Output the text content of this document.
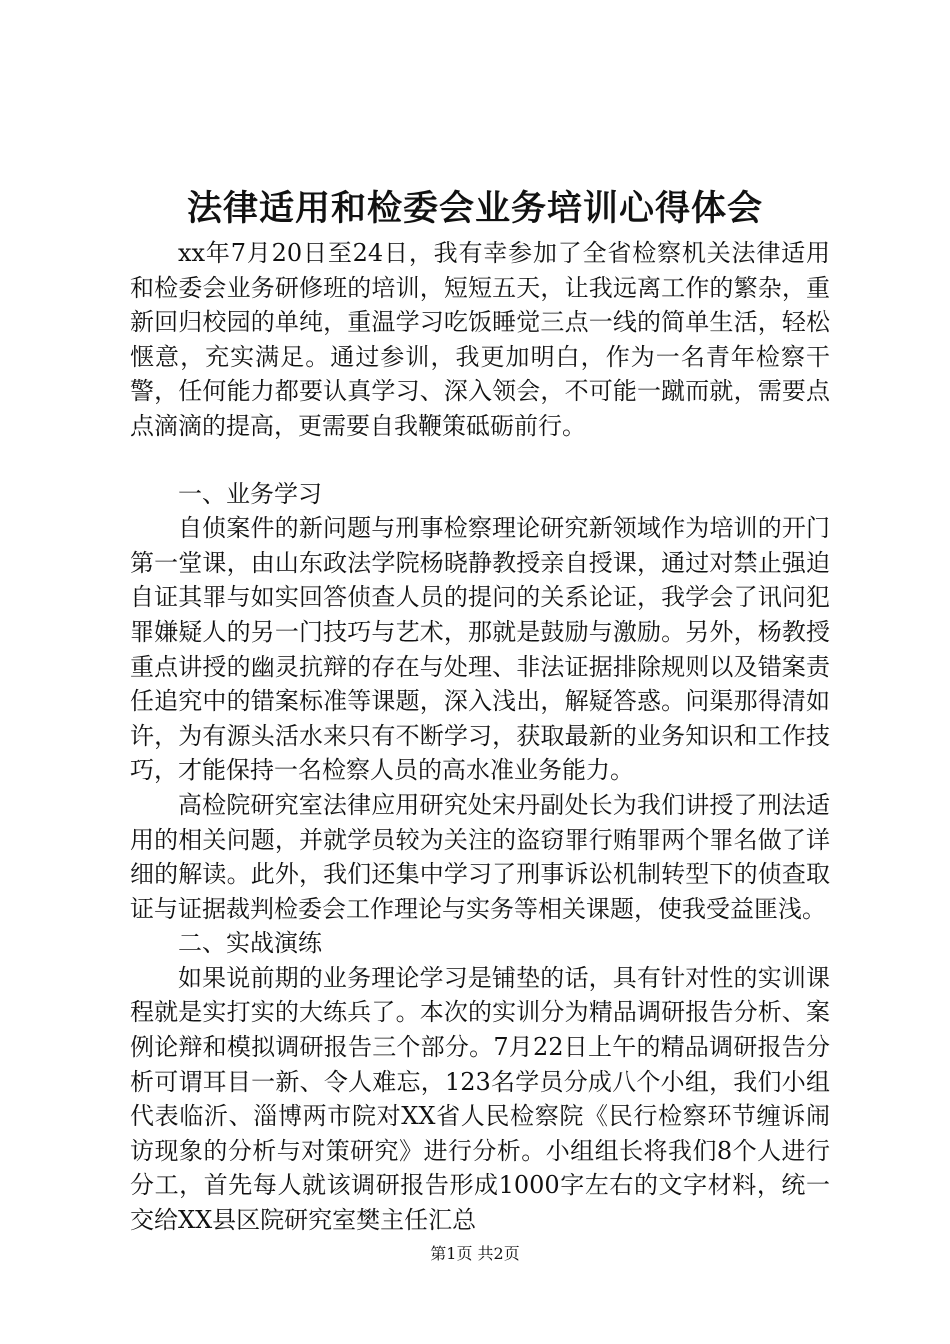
法律适用和检委会业务培训心得体会

xx年7月20日至24日，我有幸参加了全省检察机关法律适用和检委会业务研修班的培训，短短五天，让我远离工作的繁杂，重新回归校园的单纯，重温学习吃饭睡觉三点一线的简单生活，轻松惬意，充实满足。通过参训，我更加明白，作为一名青年检察干警，任何能力都要认真学习、深入领会，不可能一蹴而就，需要点点滴滴的提高，更需要自我鞭策砥砺前行。

一、业务学习

自侦案件的新问题与刑事检察理论研究新领域作为培训的开门第一堂课，由山东政法学院杨晓静教授亲自授课，通过对禁止强迫自证其罪与如实回答侦查人员的提问的关系论证，我学会了讯问犯罪嫌疑人的另一门技巧与艺术，那就是鼓励与激励。另外，杨教授重点讲授的幽灵抗辩的存在与处理、非法证据排除规则以及错案责任追究中的错案标准等课题，深入浅出，解疑答惑。问渠那得清如许，为有源头活水来只有不断学习，获取最新的业务知识和工作技巧，才能保持一名检察人员的高水准业务能力。

高检院研究室法律应用研究处宋丹副处长为我们讲授了刑法适用的相关问题，并就学员较为关注的盗窃罪行贿罪两个罪名做了详细的解读。此外，我们还集中学习了刑事诉讼机制转型下的侦查取证与证据裁判检委会工作理论与实务等相关课题，使我受益匪浅。

二、实战演练

如果说前期的业务理论学习是铺垫的话，具有针对性的实训课程就是实打实的大练兵了。本次的实训分为精品调研报告分析、案例论辩和模拟调研报告三个部分。7月22日上午的精品调研报告分析可谓耳目一新、令人难忘，123名学员分成八个小组，我们小组代表临沂、淄博两市院对XX省人民检察院《民行检察环节缠诉闹访现象的分析与对策研究》进行分析。小组组长将我们8个人进行分工，首先每人就该调研报告形成1000字左右的文字材料，统一交给XX县区院研究室樊主任汇总

第1页 共2页
